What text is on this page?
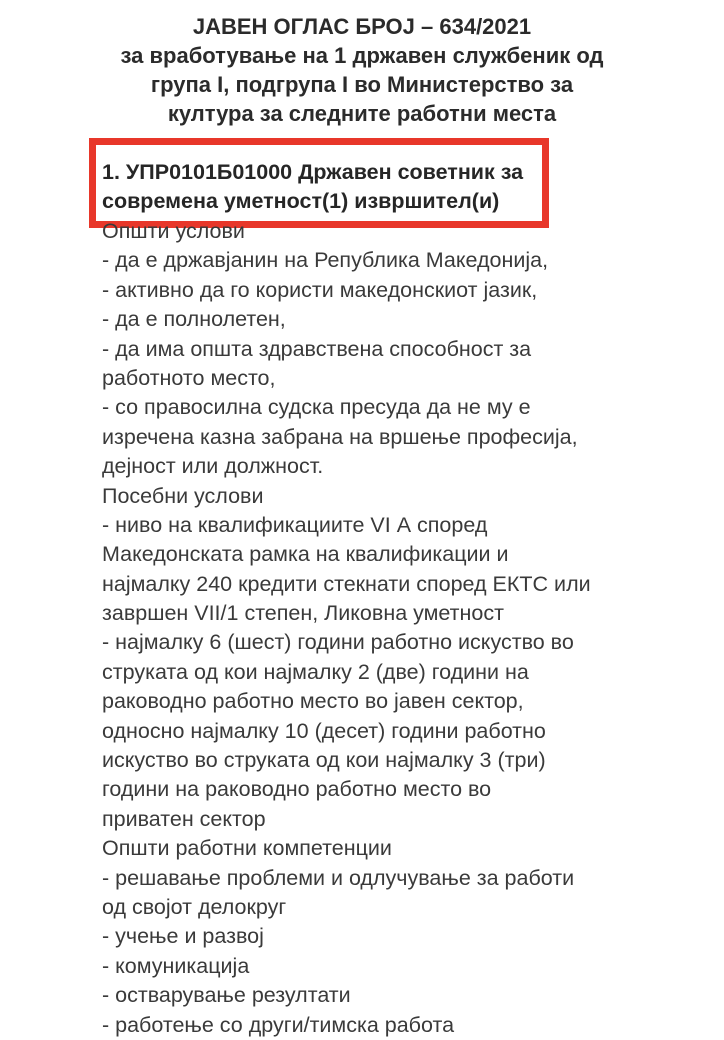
ЈАВЕН ОГЛАС БРОЈ – 634/2021
за вработување на 1 државен службеник од
група I, подгрупа I во Министерство за
култура за следните работни места
1. УПР0101Б01000 Државен советник за
современа уметност(1) извршител(и)
Општи услови
- да е државјанин на Република Македонија,
- активно да го користи македонскиот јазик,
- да е полнолетен,
- да има општа здравствена способност за
работното место,
- со правосилна судска пресуда да не му е
изречена казна забрана на вршење професија,
дејност или должност.
Посебни услови
- ниво на квалификациите VI А според
Македонската рамка на квалификации и
најмалку 240 кредити стекнати според ЕКТС или
завршен VII/1 степен, Ликовна уметност
- најмалку 6 (шест) години работно искуство во
струката од кои најмалку 2 (две) години на
раководно работно место во јавен сектор,
односно најмалку 10 (десет) години работно
искуство во струката од кои најмалку 3 (три)
години на раководно работно место во
приватен сектор
Општи работни компетенции
- решавање проблеми и одлучување за работи
од својот делокруг
- учење и развој
- комуникација
- остварување резултати
- работење со други/тимска работа
